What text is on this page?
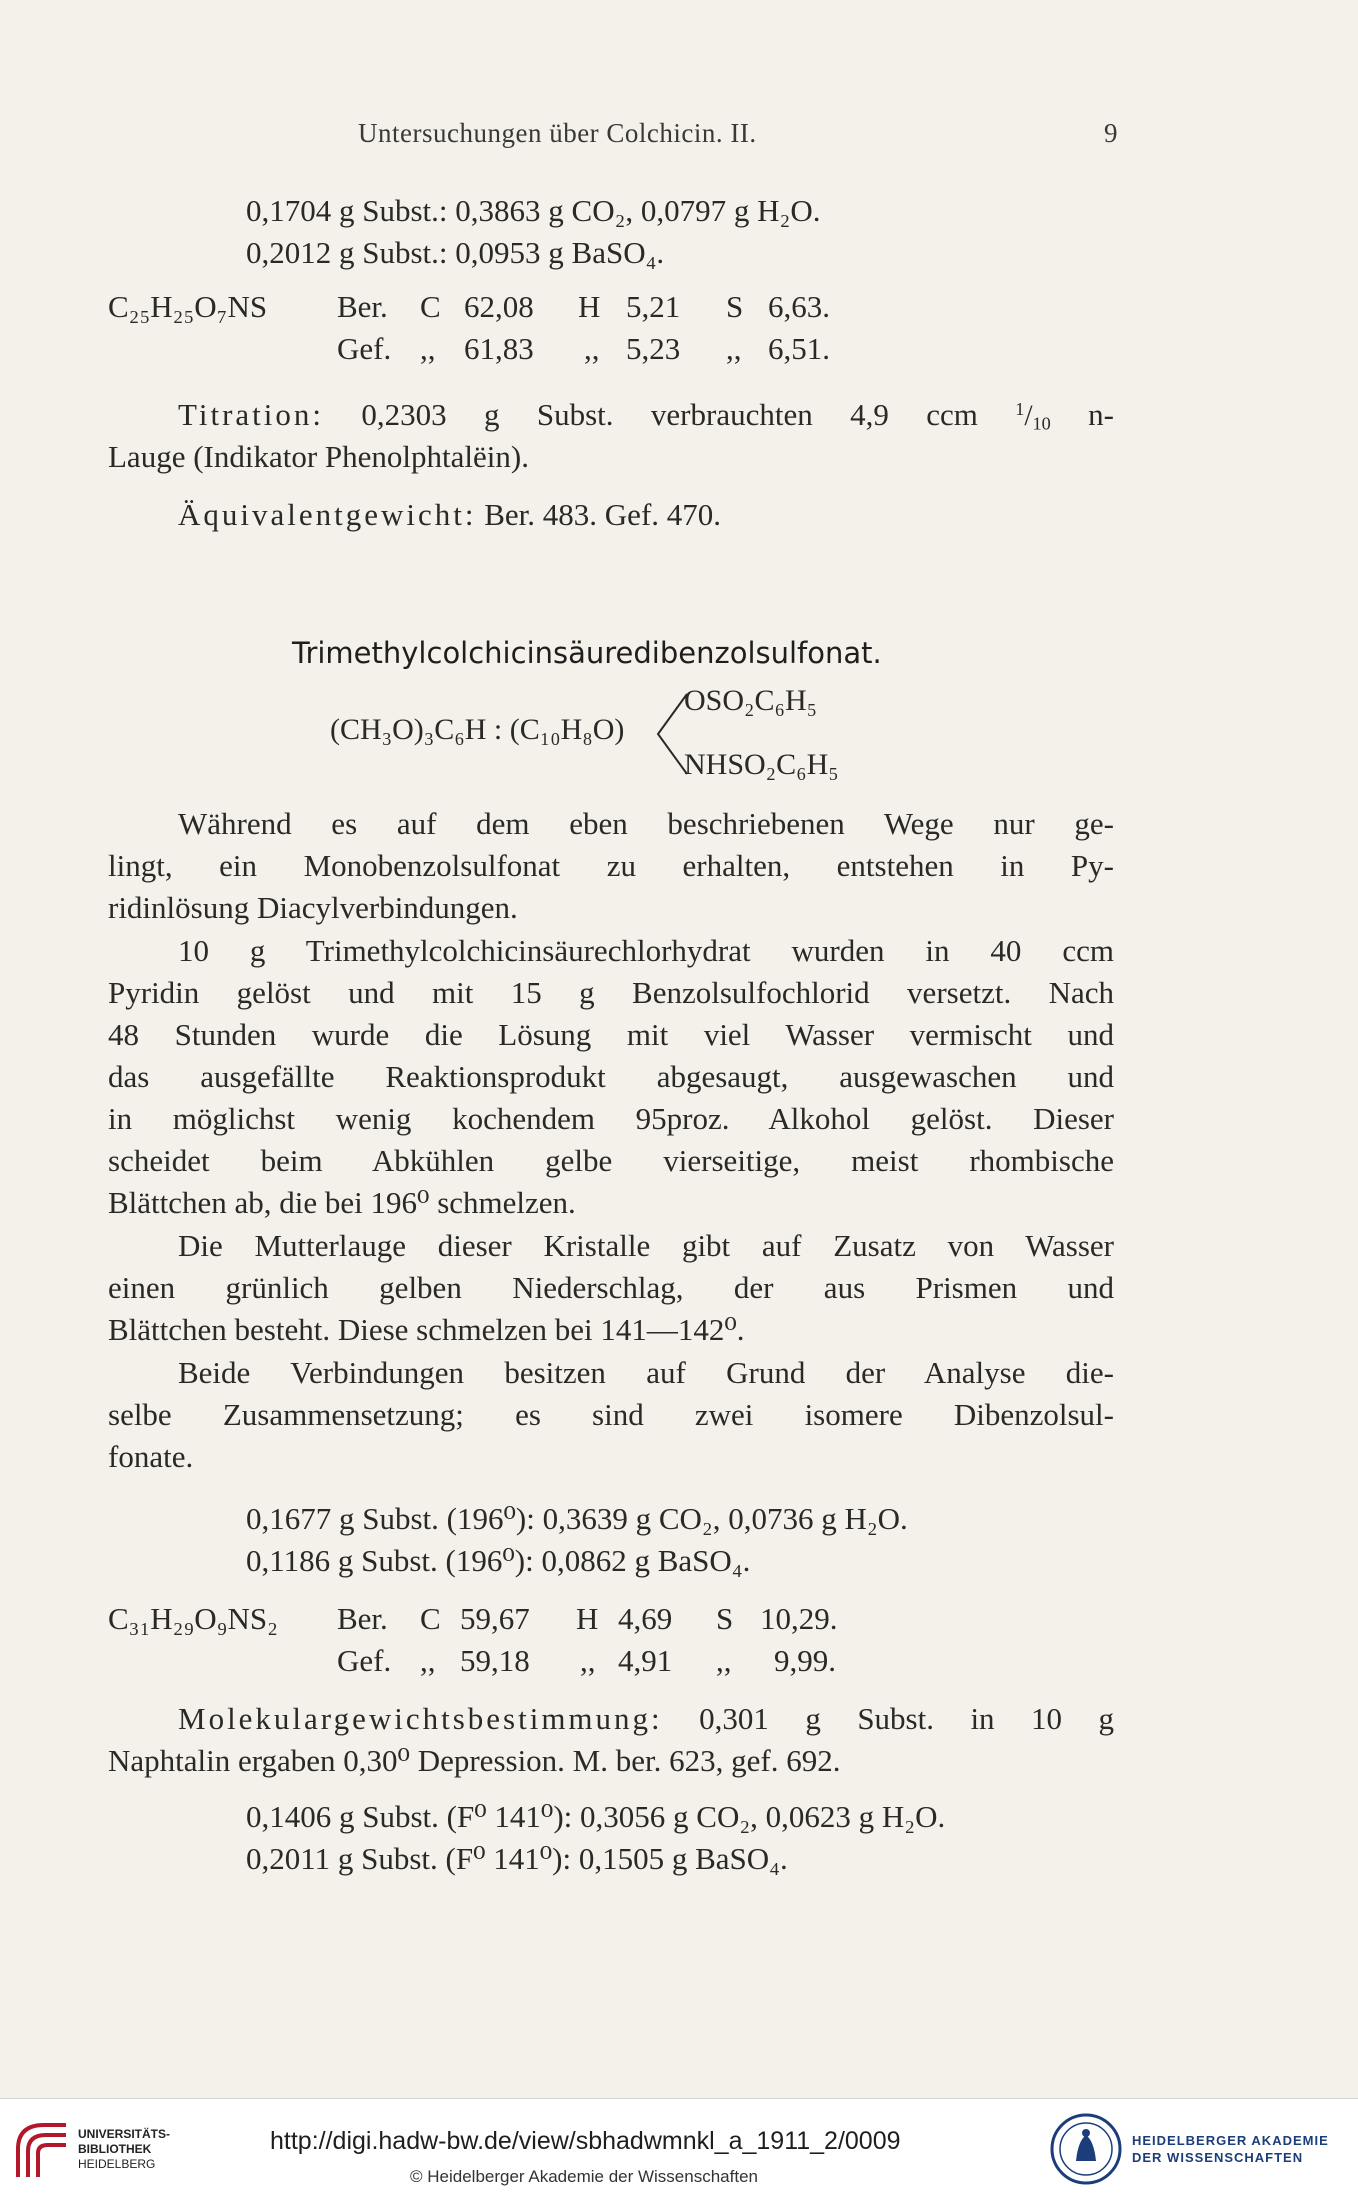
Untersuchungen über Colchicin. II.	9
0,1704 g Subst.: 0,3863 g CO₂, 0,0797 g H₂O.
0,2012 g Subst.: 0,0953 g BaSO₄.
C₂₅H₂₅O₇NS Ber. C 62,08 H 5,21 S 6,63.
Gef. ,, 61,83 ,, 5,23 ,, 6,51.
Titration: 0,2303 g Subst. verbrauchten 4,9 ccm $^1/_{10}$ n-
Lauge (Indikator Phenolphtalëin).
Äquivalentgewicht: Ber. 483. Gef. 470.
Trimethylcolchicinsäuredibenzolsulfonat.
(CH₃O)₃C₆H : (C₁₀H₈O)
OSO₂C₆H₅
NHSO₂C₆H₅
Während es auf dem eben beschriebenen Wege nur ge-
lingt, ein Monobenzolsulfonat zu erhalten, entstehen in Py-
ridinlösung Diacylverbindungen.
10 g Trimethylcolchicinsäurechlorhydrat wurden in 40 ccm
Pyridin gelöst und mit 15 g Benzolsulfochlorid versetzt. Nach
48 Stunden wurde die Lösung mit viel Wasser vermischt und
das ausgefällte Reaktionsprodukt abgesaugt, ausgewaschen und
in möglichst wenig kochendem 95proz. Alkohol gelöst. Dieser
scheidet beim Abkühlen gelbe vierseitige, meist rhombische
Blättchen ab, die bei 196⁰ schmelzen.
Die Mutterlauge dieser Kristalle gibt auf Zusatz von Wasser
einen grünlich gelben Niederschlag, der aus Prismen und
Blättchen besteht. Diese schmelzen bei 141—142⁰.
Beide Verbindungen besitzen auf Grund der Analyse die-
selbe Zusammensetzung; es sind zwei isomere Dibenzolsul-
fonate.
0,1677 g Subst. (196⁰): 0,3639 g CO₂, 0,0736 g H₂O.
0,1186 g Subst. (196⁰): 0,0862 g BaSO₄.
C₃₁H₂₉O₉NS₂ Ber. C 59,67 H 4,69 S 10,29.
Gef. ,, 59,18 ,, 4,91 ,, 9,99.
Molekulargewichtsbestimmung: 0,301 g Subst. in 10 g
Naphtalin ergaben 0,30⁰ Depression. M. ber. 623, gef. 692.
0,1406 g Subst. (F⁰ 141⁰): 0,3056 g CO₂, 0,0623 g H₂O.
0,2011 g Subst. (F⁰ 141⁰): 0,1505 g BaSO₄.
UNIVERSITÄTS-
BIBLIOTHEK
HEIDELBERG
http://digi.hadw-bw.de/view/sbhadwmnkl_a_1911_2/0009
© Heidelberger Akademie der Wissenschaften
HEIDELBERGER AKADEMIE
DER WISSENSCHAFTEN
